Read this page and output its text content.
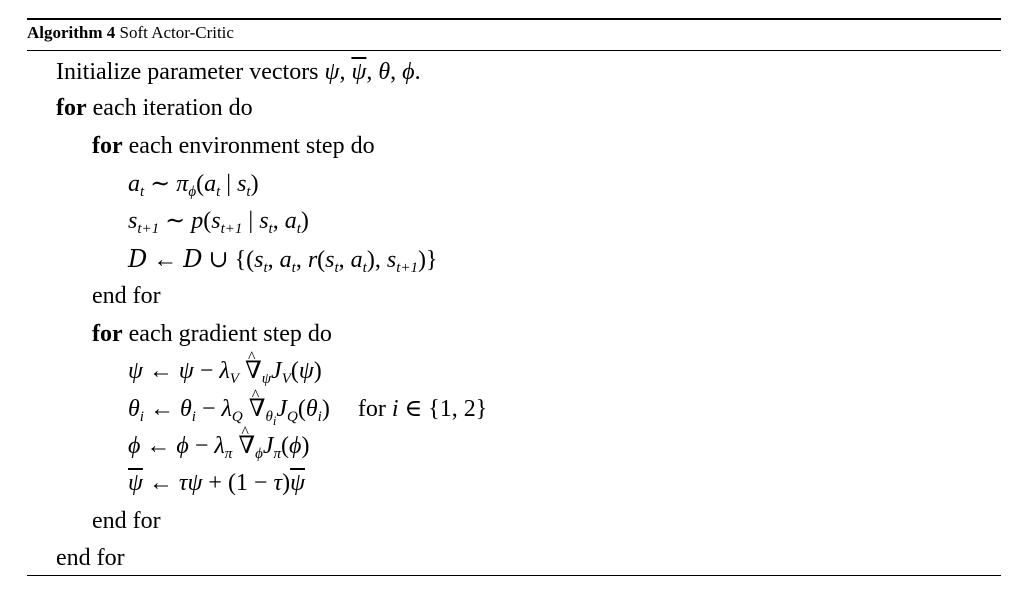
Algorithm 4 Soft Actor-Critic
Initialize parameter vectors ψ, $\overline{\psi}$, θ, ϕ.
for each iteration do
for each environment step do
$a_t$ ∼ $\pi_\phi(a_t$ | $s_t$)
$s_{t+1}$ ∼ $p(s_{t+1}$ | $s_t$, $a_t$)
D ← D ∪ {($s_t$, $a_t$, $r(s_t$, $a_t$), $s_{t+1}$)}
end for
for each gradient step do
ψ ← $\psi - \lambda_V$ ^ $\nabla_\psi J_V(\psi)$
$\theta_i$ ← $\theta_i - \lambda_Q$ ^ $\nabla_{\theta_i}J_Q(\theta_i)$ for i ∈ {1, 2}
ϕ ← $\phi - \lambda_\pi$ ^ $\nabla_\phi J_\pi(\phi)$
$\overline{\psi}$ ← $\tau\psi + (1 - \tau)\overline{\psi}$
end for
end for
